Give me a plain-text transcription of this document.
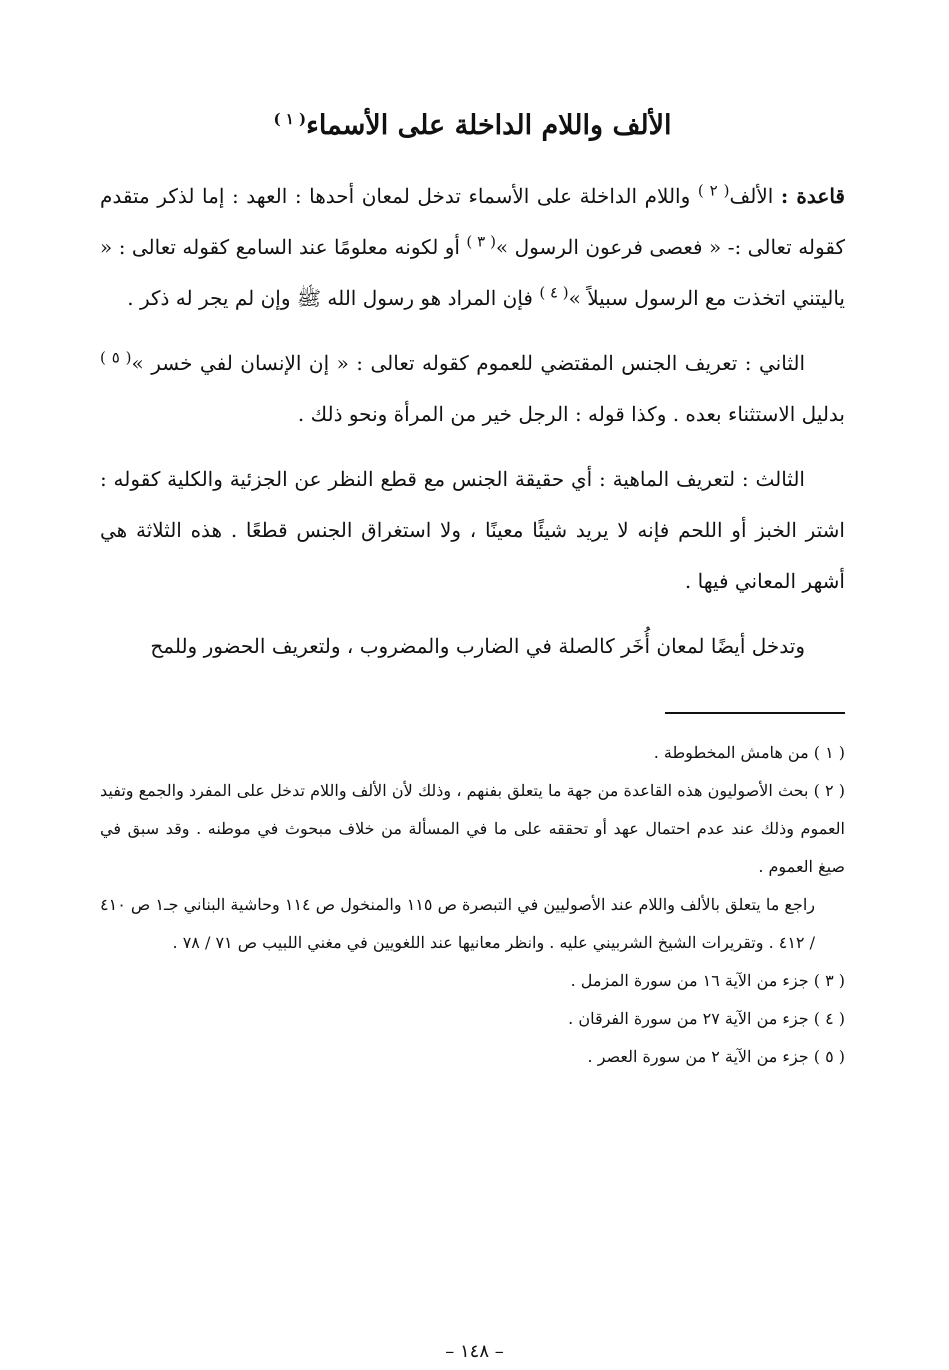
الألف واللام الداخلة على الأسماء$^{( ١ )}$

قاعدة : الألف$^{( ٢ )}$ واللام الداخلة على الأسماء تدخل لمعان أحدها : العهد : إما لذكر متقدم كقوله تعالى :- « فعصى فرعون الرسول »$^{( ٣ )}$ أو لكونه معلومًا عند السامع كقوله تعالى : « ياليتني اتخذت مع الرسول سبيلاً »$^{( ٤ )}$ فإن المراد هو رسول الله ﷺ وإن لم يجر له ذكر .

الثاني : تعريف الجنس المقتضي للعموم كقوله تعالى : « إن الإنسان لفي خسر »$^{( ٥ )}$ بدليل الاستثناء بعده . وكذا قوله : الرجل خير من المرأة ونحو ذلك .

الثالث : لتعريف الماهية : أي حقيقة الجنس مع قطع النظر عن الجزئية والكلية كقوله : اشتر الخبز أو اللحم فإنه لا يريد شيئًا معينًا ، ولا استغراق الجنس قطعًا . هذه الثلاثة هي أشهر المعاني فيها .

وتدخل أيضًا لمعان أُخَر كالصلة في الضارب والمضروب ، ولتعريف الحضور وللمح

( ١ ) من هامش المخطوطة .

( ٢ ) بحث الأصوليون هذه القاعدة من جهة ما يتعلق بفنهم ، وذلك لأن الألف واللام تدخل على المفرد والجمع وتفيد العموم وذلك عند عدم احتمال عهد أو تحققه على ما في المسألة من خلاف مبحوث في موطنه . وقد سبق في صيغ العموم .

راجع ما يتعلق بالألف واللام عند الأصوليين في التبصرة ص ١١٥ والمنخول ص ١١٤ وحاشية البناني جـ١ ص ٤١٠ / ٤١٢ . وتقريرات الشيخ الشربيني عليه . وانظر معانيها عند اللغويين في مغني اللبيب ص ٧١ / ٧٨ .

( ٣ ) جزء من الآية ١٦ من سورة المزمل .

( ٤ ) جزء من الآية ٢٧ من سورة الفرقان .

( ٥ ) جزء من الآية ٢ من سورة العصر .

– ١٤٨ –
